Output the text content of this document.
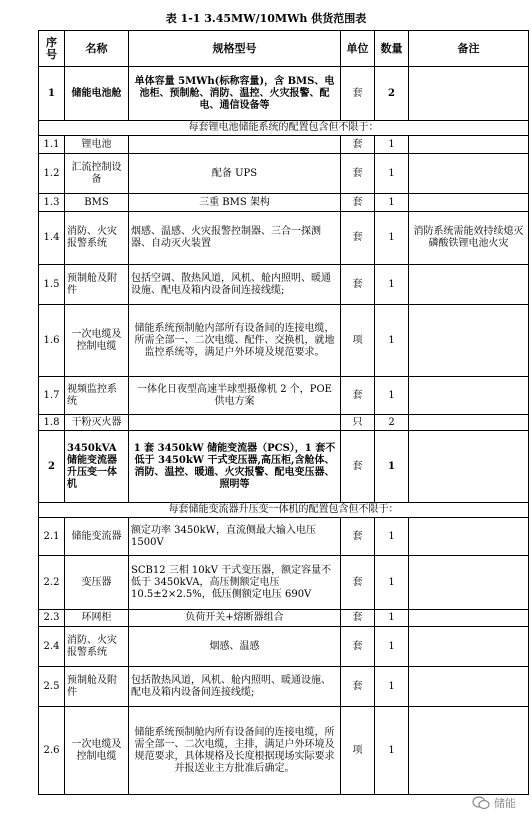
表 1-1 3.45MW/10MWh 供货范围表
序号	名称	规格型号	单位	数量	备注
1	储能电池舱	单体容量 5MWh(标称容量)，含 BMS、电池柜、预制舱、消防、温控、火灾报警、配电、通信设备等	套	2	
每套锂电池储能系统的配置包含但不限于：					
1.1	锂电池		套	1	
1.2	汇流控制设备	配备 UPS	套	1	
1.3	BMS	三重 BMS 架构	套	1	
1.4	消防、火灾报警系统	烟感、温感、火灾报警控制器、三合一探测器、自动灭火装置	套	1	消防系统需能效持续熄灭磷酸铁锂电池火灾
1.5	预制舱及附件	包括空调、散热风道，风机、舱内照明、暖通设施、配电及箱内设备间连接线缆;	套	1	
1.6	一次电缆及控制电缆	储能系统预制舱内部所有设备间的连接电缆，所需全部一、二次电缆、配件、交换机，就地监控系统等，满足户外环境及规范要求。	项	1	
1.7	视频监控系统	一体化日夜型高速半球型摄像机 2 个，POE 供电方案	套	1	
1.8	干粉灭火器		只	2	
2	3450kVA 储能变流器升压变一体机	1 套 3450kW 储能变流器（PCS），1 套不低于 3450kW 干式变压器,高压柜,含舱体、消防、温控、暖通、火灾报警、配电变压器、照明等	套	1	
每套储能变流器升压变一体机的配置包含但不限于：					
2.1	储能变流器	额定功率 3450kW，直流侧最大输入电压 1500V	套	1	
2.2	变压器	SCB12 三相 10kV 干式变压器，额定容量不低于 3450kVA，高压侧额定电压10.5±2×2.5%，低压侧额定电压 690V	套	1	
2.3	环网柜	负荷开关+熔断器组合	套	1	
2.4	消防、火灾报警系统	烟感、温感	套	1	
2.5	预制舱及附件	包括散热风道，风机、舱内照明、暖通设施、配电及箱内设备间连接线缆;	套	1	
2.6	一次电缆及控制电缆	储能系统预制舱内所有设备间的连接电缆，所需全部一、二次电缆，主排，满足户外环境及规范要求，具体规格及长度根据现场实际要求并报送业主方批准后确定。	项	1	
储能
